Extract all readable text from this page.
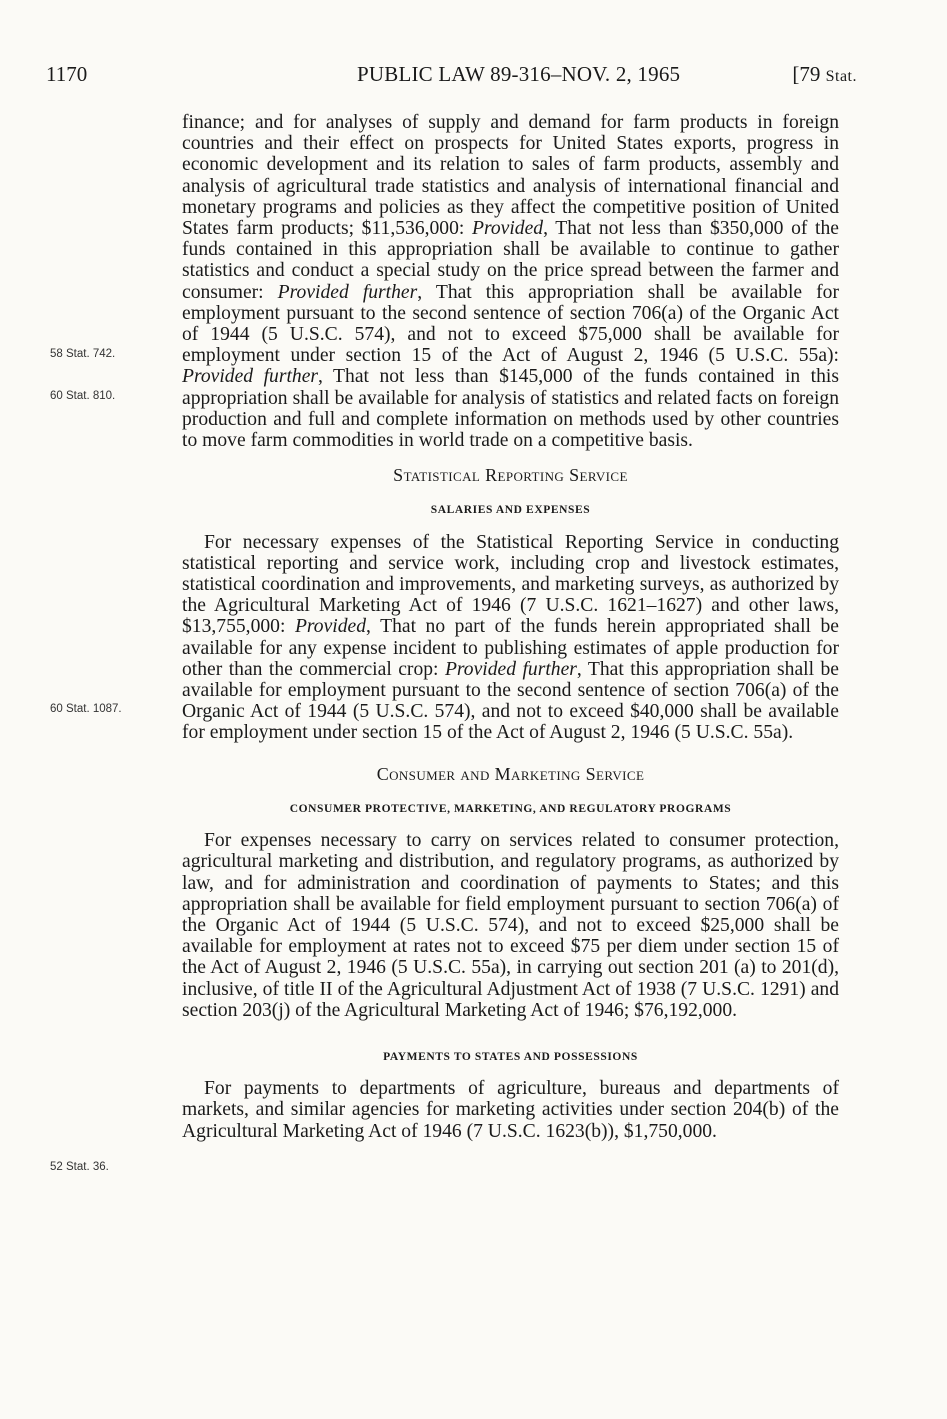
1170	PUBLIC LAW 89-316–NOV. 2, 1965	[79 Stat.
58 Stat. 742.
60 Stat. 810.
60 Stat. 1087.
52 Stat. 36.

finance; and for analyses of supply and demand for farm products in foreign countries and their effect on prospects for United States exports, progress in economic development and its relation to sales of farm products, assembly and analysis of agricultural trade statistics and analysis of international financial and monetary programs and policies as they affect the competitive position of United States farm products; $11,536,000: Provided, That not less than $350,000 of the funds contained in this appropriation shall be available to continue to gather statistics and conduct a special study on the price spread between the farmer and consumer: Provided further, That this appropriation shall be available for employment pursuant to the second sentence of section 706(a) of the Organic Act of 1944 (5 U.S.C. 574), and not to exceed $75,000 shall be available for employment under section 15 of the Act of August 2, 1946 (5 U.S.C. 55a): Provided further, That not less than $145,000 of the funds contained in this appropriation shall be available for analysis of statistics and related facts on foreign production and full and complete information on methods used by other countries to move farm commodities in world trade on a competitive basis.

Statistical Reporting Service
SALARIES AND EXPENSES

For necessary expenses of the Statistical Reporting Service in conducting statistical reporting and service work, including crop and livestock estimates, statistical coordination and improvements, and marketing surveys, as authorized by the Agricultural Marketing Act of 1946 (7 U.S.C. 1621–1627) and other laws, $13,755,000: Provided, That no part of the funds herein appropriated shall be available for any expense incident to publishing estimates of apple production for other than the commercial crop: Provided further, That this appropriation shall be available for employment pursuant to the second sentence of section 706(a) of the Organic Act of 1944 (5 U.S.C. 574), and not to exceed $40,000 shall be available for employment under section 15 of the Act of August 2, 1946 (5 U.S.C. 55a).

Consumer and Marketing Service
CONSUMER PROTECTIVE, MARKETING, AND REGULATORY PROGRAMS

For expenses necessary to carry on services related to consumer protection, agricultural marketing and distribution, and regulatory programs, as authorized by law, and for administration and coordination of payments to States; and this appropriation shall be available for field employment pursuant to section 706(a) of the Organic Act of 1944 (5 U.S.C. 574), and not to exceed $25,000 shall be available for employment at rates not to exceed $75 per diem under section 15 of the Act of August 2, 1946 (5 U.S.C. 55a), in carrying out section 201 (a) to 201(d), inclusive, of title II of the Agricultural Adjustment Act of 1938 (7 U.S.C. 1291) and section 203(j) of the Agricultural Marketing Act of 1946; $76,192,000.

PAYMENTS TO STATES AND POSSESSIONS

For payments to departments of agriculture, bureaus and departments of markets, and similar agencies for marketing activities under section 204(b) of the Agricultural Marketing Act of 1946 (7 U.S.C. 1623(b)), $1,750,000.
